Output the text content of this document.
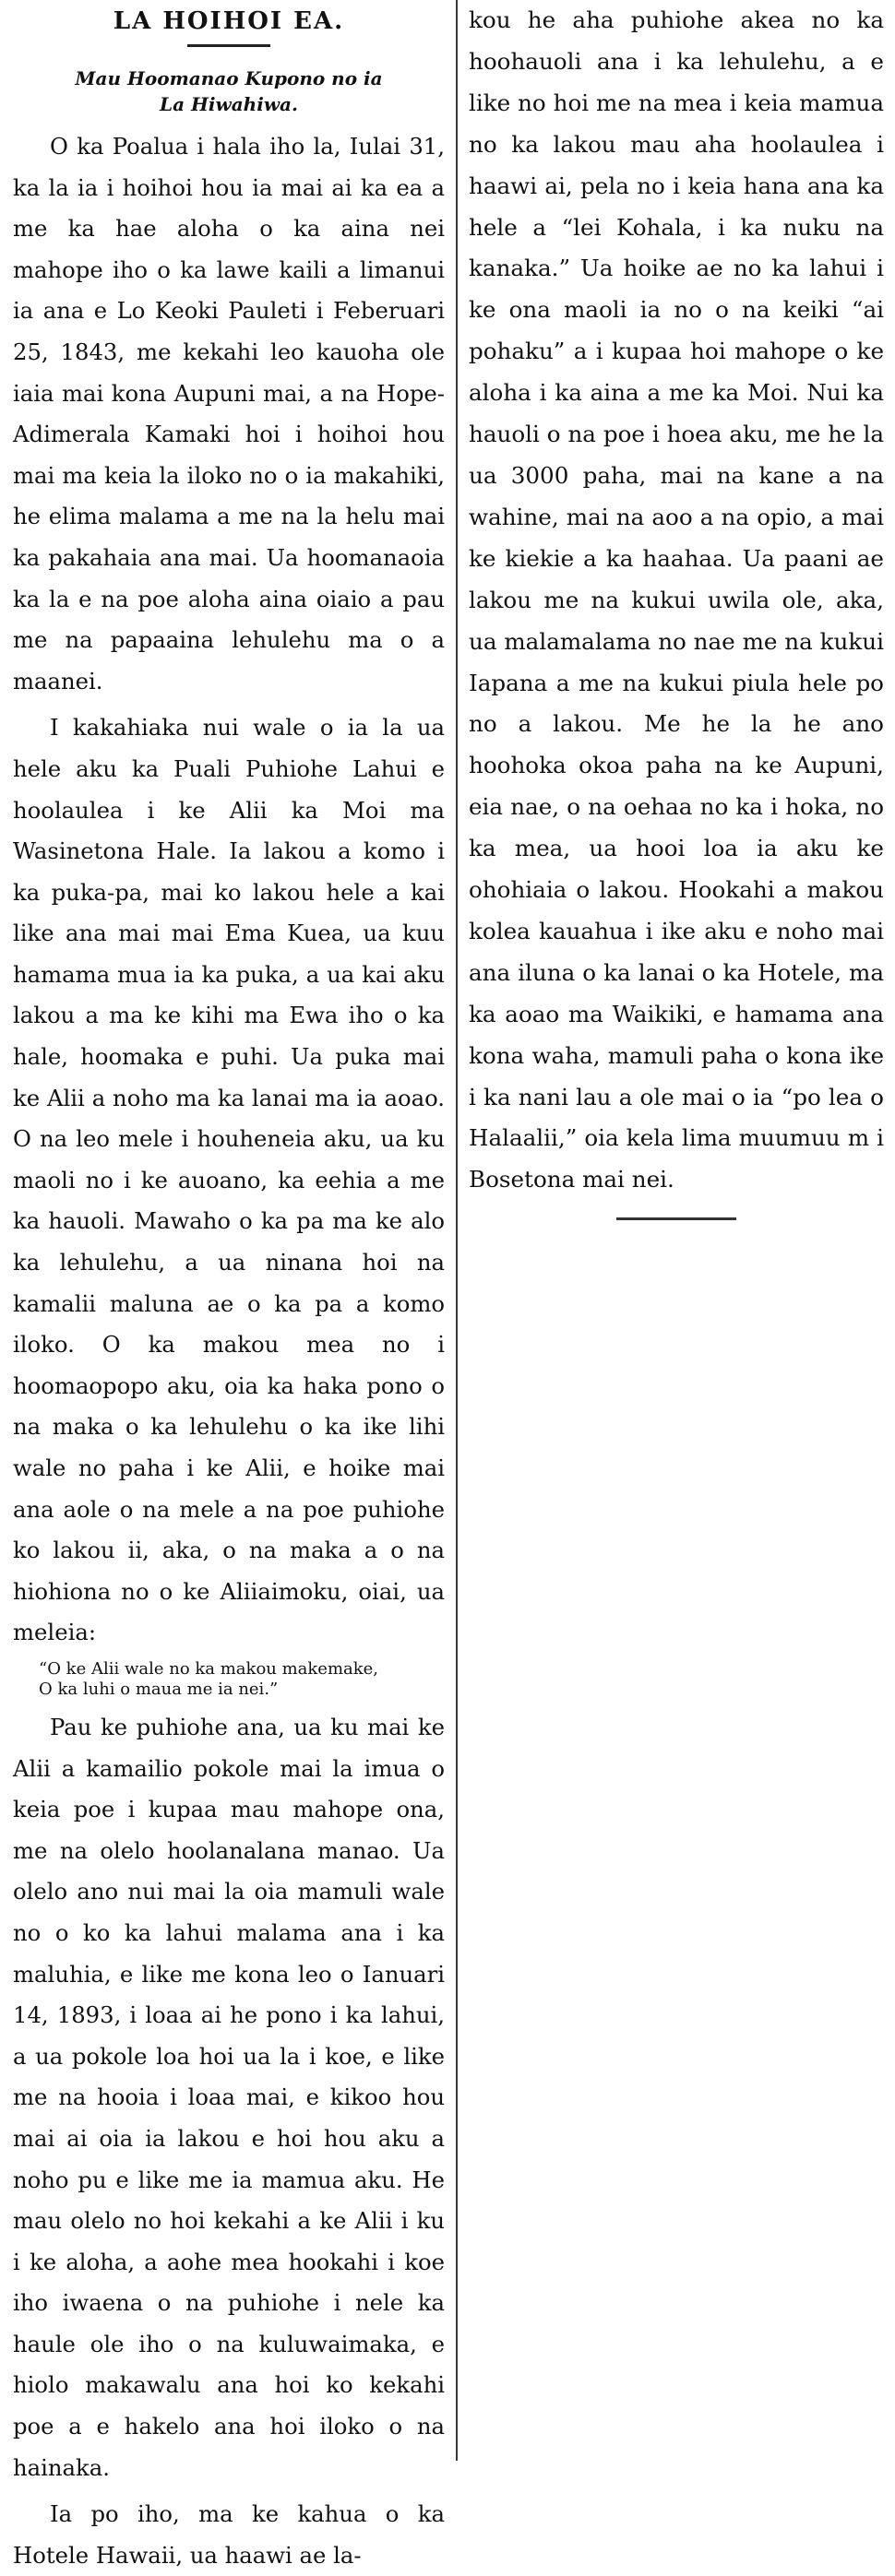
LA HOIHOI EA.
Mau Hoomanao Kupono no ia
La Hiwahiwa.

O ka Poalua i hala iho la, Iulai 31, ka la ia i hoihoi hou ia mai ai ka ea a me ka hae aloha o ka aina nei mahope iho o ka lawe kaili a limanui ia ana e Lo Keoki Pauleti i Feberuari 25, 1843, me kekahi leo kauoha ole iaia mai kona Aupuni mai, a na Hope-Adimerala Kamaki hoi i hoihoi hou mai ma keia la iloko no o ia makahiki, he elima malama a me na la helu mai ka pakahaia ana mai. Ua hoomanaoia ka la e na poe aloha aina oiaio a pau me na papaaina lehulehu ma o a maanei.

I kakahiaka nui wale o ia la ua hele aku ka Puali Puhiohe Lahui e hoolaulea i ke Alii ka Moi ma Wasinetona Hale. Ia lakou a komo i ka puka-pa, mai ko lakou hele a kai like ana mai mai Ema Kuea, ua kuu hamama mua ia ka puka, a ua kai aku lakou a ma ke kihi ma Ewa iho o ka hale, hoomaka e puhi. Ua puka mai ke Alii a noho ma ka lanai ma ia aoao. O na leo mele i houheneia aku, ua ku maoli no i ke auoano, ka eehia a me ka hauoli. Mawaho o ka pa ma ke alo ka lehulehu, a ua ninana hoi na kamalii maluna ae o ka pa a komo iloko. O ka makou mea no i hoomaopopo aku, oia ka haka pono o na maka o ka lehulehu o ka ike lihi wale no paha i ke Alii, e hoike mai ana aole o na mele a na poe puhiohe ko lakou ii, aka, o na maka a o na hiohiona no o ke Aliiaimoku, oiai, ua meleia:

“O ke Alii wale no ka makou makemake,
O ka luhi o maua me ia nei.”

Pau ke puhiohe ana, ua ku mai ke Alii a kamailio pokole mai la imua o keia poe i kupaa mau mahope ona, me na olelo hoolanalana manao. Ua olelo ano nui mai la oia mamuli wale no o ko ka lahui malama ana i ka maluhia, e like me kona leo o Ianuari 14, 1893, i loaa ai he pono i ka lahui, a ua pokole loa hoi ua la i koe, e like me na hooia i loaa mai, e kikoo hou mai ai oia ia lakou e hoi hou aku a noho pu e like me ia mamua aku. He mau olelo no hoi kekahi a ke Alii i ku i ke aloha, a aohe mea hookahi i koe iho iwaena o na puhiohe i nele ka haule ole iho o na kuluwaimaka, e hiolo makawalu ana hoi ko kekahi poe a e hakelo ana hoi iloko o na hainaka.

Ia po iho, ma ke kahua o ka Hotele Hawaii, ua haawi ae la-

kou he aha puhiohe akea no ka hoohauoli ana i ka lehulehu, a e like no hoi me na mea i keia mamua no ka lakou mau aha hoolaulea i haawi ai, pela no i keia hana ana ka hele a “lei Kohala, i ka nuku na kanaka.” Ua hoike ae no ka lahui i ke ona maoli ia no o na keiki “ai pohaku” a i kupaa hoi mahope o ke aloha i ka aina a me ka Moi. Nui ka hauoli o na poe i hoea aku, me he la ua 3000 paha, mai na kane a na wahine, mai na aoo a na opio, a mai ke kiekie a ka haahaa. Ua paani ae lakou me na kukui uwila ole, aka, ua malamalama no nae me na kukui Iapana a me na kukui piula hele po no a lakou. Me he la he ano hoohoka okoa paha na ke Aupuni, eia nae, o na oehaa no ka i hoka, no ka mea, ua hooi loa ia aku ke ohohiaia o lakou. Hookahi a makou kolea kauahua i ike aku e noho mai ana iluna o ka lanai o ka Hotele, ma ka aoao ma Waikiki, e hamama ana kona waha, mamuli paha o kona ike i ka nani lau a ole mai o ia “po lea o Halaalii,” oia kela lima muumuu m i Bosetona mai nei.
